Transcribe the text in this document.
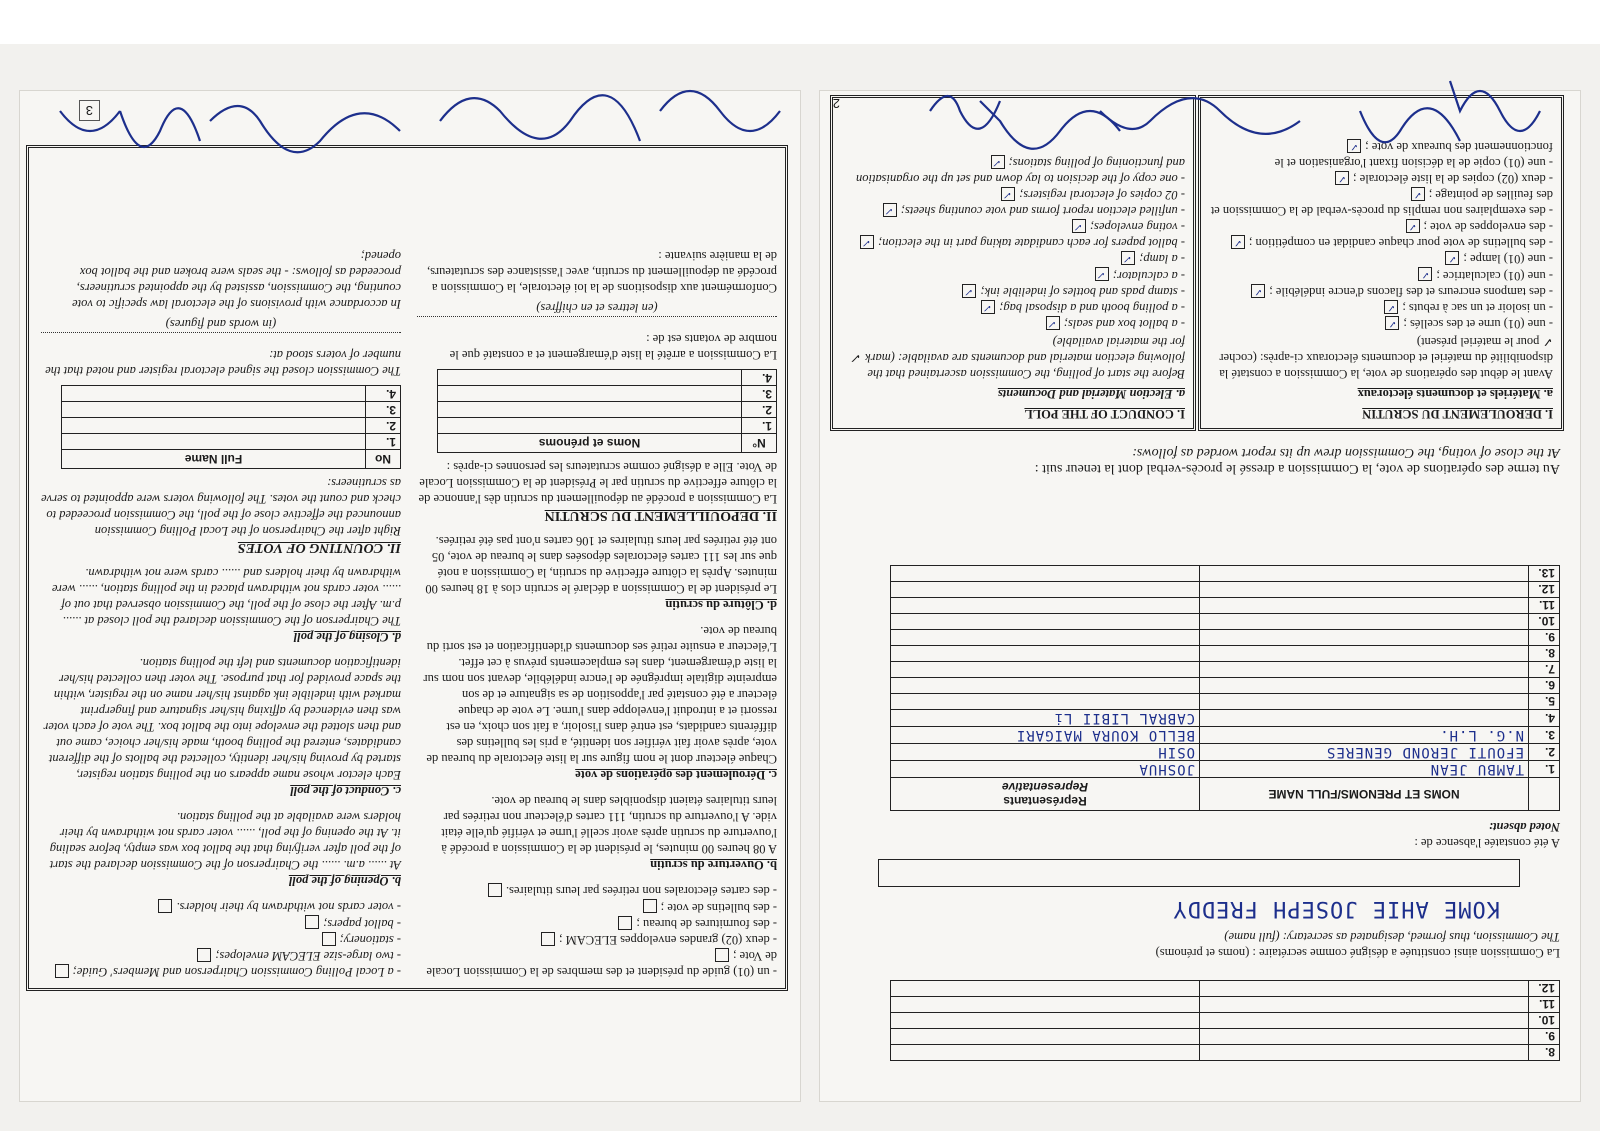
8.		
9.		
10.		
11.		
12.		
La Commission ainsi constituée a désigné comme secrétaire : (noms et prénoms)
The Commission, thus formed, designated as secretary: (full name)
KOME AHIE JOSEPH FREDDY
A été constatée l'absence de :
Noted absent:
	NOMS ET PRENOMS/FULL NAME	Représentants
Representative

1.	TAMBU JEAN	JOSHUA
2.	EFOUTI JEROND GENERES	OSIH
3.	N.G. L.H.	BELLO KOURA MAIGARI
4.		CABRAL LIBII Li
5.		
6.		
7.		
8.		
9.		
10.		
11.		
12.		
13.		
Au terme des opérations de vote, la Commission a dressé le procès-verbal dont la teneur suit :
At the close of voting, the Commission drew up its report worded as follows:
I. DEROULEMENT DU SCRUTIN
a. Matériels et documents électoraux
Avant le début des opérations de vote, la Commission a constaté la disponibilité du matériel et documents électoraux ci-après: (cocher ✓ pour le matériel présent)
- une (01) urne et des scellés ;✓
- un isoloir et un sac à rebuts ;✓
- des tampons encreurs et des flacons d'encre indélébile ;✓
- une (01) calculatrice ;✓
- une (01) lampe ;✓
- des bulletins de vote pour chaque candidat en compétition ;✓
- des enveloppes de vote ;✓
- des exemplaires non remplis du procès-verbal de la Commission et des feuilles de pointage ;✓
- deux (02) copies de la liste électorale ;✓
- une (01) copie de la décision fixant l'organisation et le fonctionnement des bureaux de vote ;✓
I. CONDUCT OF THE POLL
a. Election Material and Documents
Before the start of polling, the Commission ascertained that the following election material and documents are available: (mark ✓ for the material available)
- a ballot box and seals;✓
- a polling booth and a disposal bag;✓
- stamp pads and bottles of indelible ink;✓
- a calculator;✓
- a lamp;✓
- ballot papers for each candidate taking part in the election;✓
- voting envelopes;✓
- unfilled election report forms and vote counting sheets;✓
- 02 copies of electoral registers;✓
- one copy of the decision to lay down and set up the organisation and functioning of polling stations;✓
2
- un (01) guide du président et des membres de la Commission Locale de Vote ;
- deux (02) grandes enveloppes ELECAM ;
- des fournitures de bureau ;
- des bulletins de vote ;
- des cartes électorales non retirées par leurs titulaires.
b. Ouverture du scrutin
A 08 heures 00 minutes, le président de la Commission a procédé à l'ouverture du scrutin après avoir scellé l'urne et vérifié qu'elle était vide. A l'ouverture du scrutin, 111 cartes d'électeur non retirées par leurs titulaires étaient disponibles dans le bureau de vote.
c. Déroulement des opérations de vote
Chaque électeur dont le nom figure sur la liste électorale du bureau de vote, après avoir fait vérifier son identité, a pris les bulletins des différents candidats, est entré dans l'isoloir, a fait son choix, en est ressorti et a introduit l'enveloppe dans l'urne. Le vote de chaque électeur a été constaté par l'apposition de sa signature et de son empreinte digitale imprégnée de l'encre indélébile, devant son nom sur la liste d'émargement, dans les emplacements prévus à cet effet. L'électeur a ensuite retiré ses documents d'identification et est sorti du bureau de vote.
d. Clôture du scrutin
Le président de la Commission a déclaré le scrutin clos à 18 heures 00 minutes. Après la clôture effective du scrutin, la Commission a noté que sur les 111 cartes électorales déposées dans le bureau de vote, 05 ont été retirées par leurs titulaires et 106 cartes n'ont pas été retirées.
II. DEPOUILLEMENT DU SCRUTIN
La Commission a procédé au dépouillement du scrutin dès l'annonce de la clôture effective du scrutin par le Président de la Commission Locale de Vote. Elle a désigné comme scrutateurs les personnes ci-après :
N°	Noms et prénoms
1.	
2.	
3.	
4.	
La Commission a arrêté la liste d'émargement et a constaté que le nombre de votants est de :
(en lettres et en chiffres)
Conformément aux dispositions de la loi électorale, la Commission a procédé au dépouillement du scrutin, avec l'assistance des scrutateurs, de la manière suivante :
- a Local Polling Commission Chairperson and Members' Guide;
- two large-size ELECAM envelopes;
- stationery;
- ballot papers;
- voter cards not withdrawn by their holders.
b. Opening of the poll
At ...... a.m. ...... the Chairperson of the Commission declared the start of the poll after verifying that the ballot box was empty, before sealing it. At the opening of the poll, ...... voter cards not withdrawn by their holders were available at the polling station.
c. Conduct of the poll
Each elector whose name appears on the polling station register, started by proving his/her identity, collected the ballots of the different candidates, entered the polling booth, made his/her choice, came out and then slotted the envelope into the ballot box. The vote of each voter was then evidenced by affixing his/her signature and fingerprint marked with indelible ink against his/her name on the register, within the space provided for that purpose. The voter then collected his/her identification documents and left the polling station.
d. Closing of the poll
The Chairperson of the Commission declared the poll closed at ...... p.m. After the close of the poll, the Commission observed that out of ...... voter cards not withdrawn placed in the polling station, ...... were withdrawn by their holders and ...... cards were not withdrawn.
II. COUNTING OF VOTES
Right after the Chairperson of the Local Polling Commission announced the effective close of the poll, the Commission proceeded to check and count the votes. The following voters were appointed to serve as scrutineers:
No	Full Name
1.	
2.	
3.	
4.	
The Commission closed the signed electoral register and noted that the number of voters stood at:
(in words and figures)
In accordance with provisions of the electoral law specific to vote counting, the Commission, assisted by the appointed scrutineers, proceeded as follows: - the seals were broken and the ballot box opened;
3
